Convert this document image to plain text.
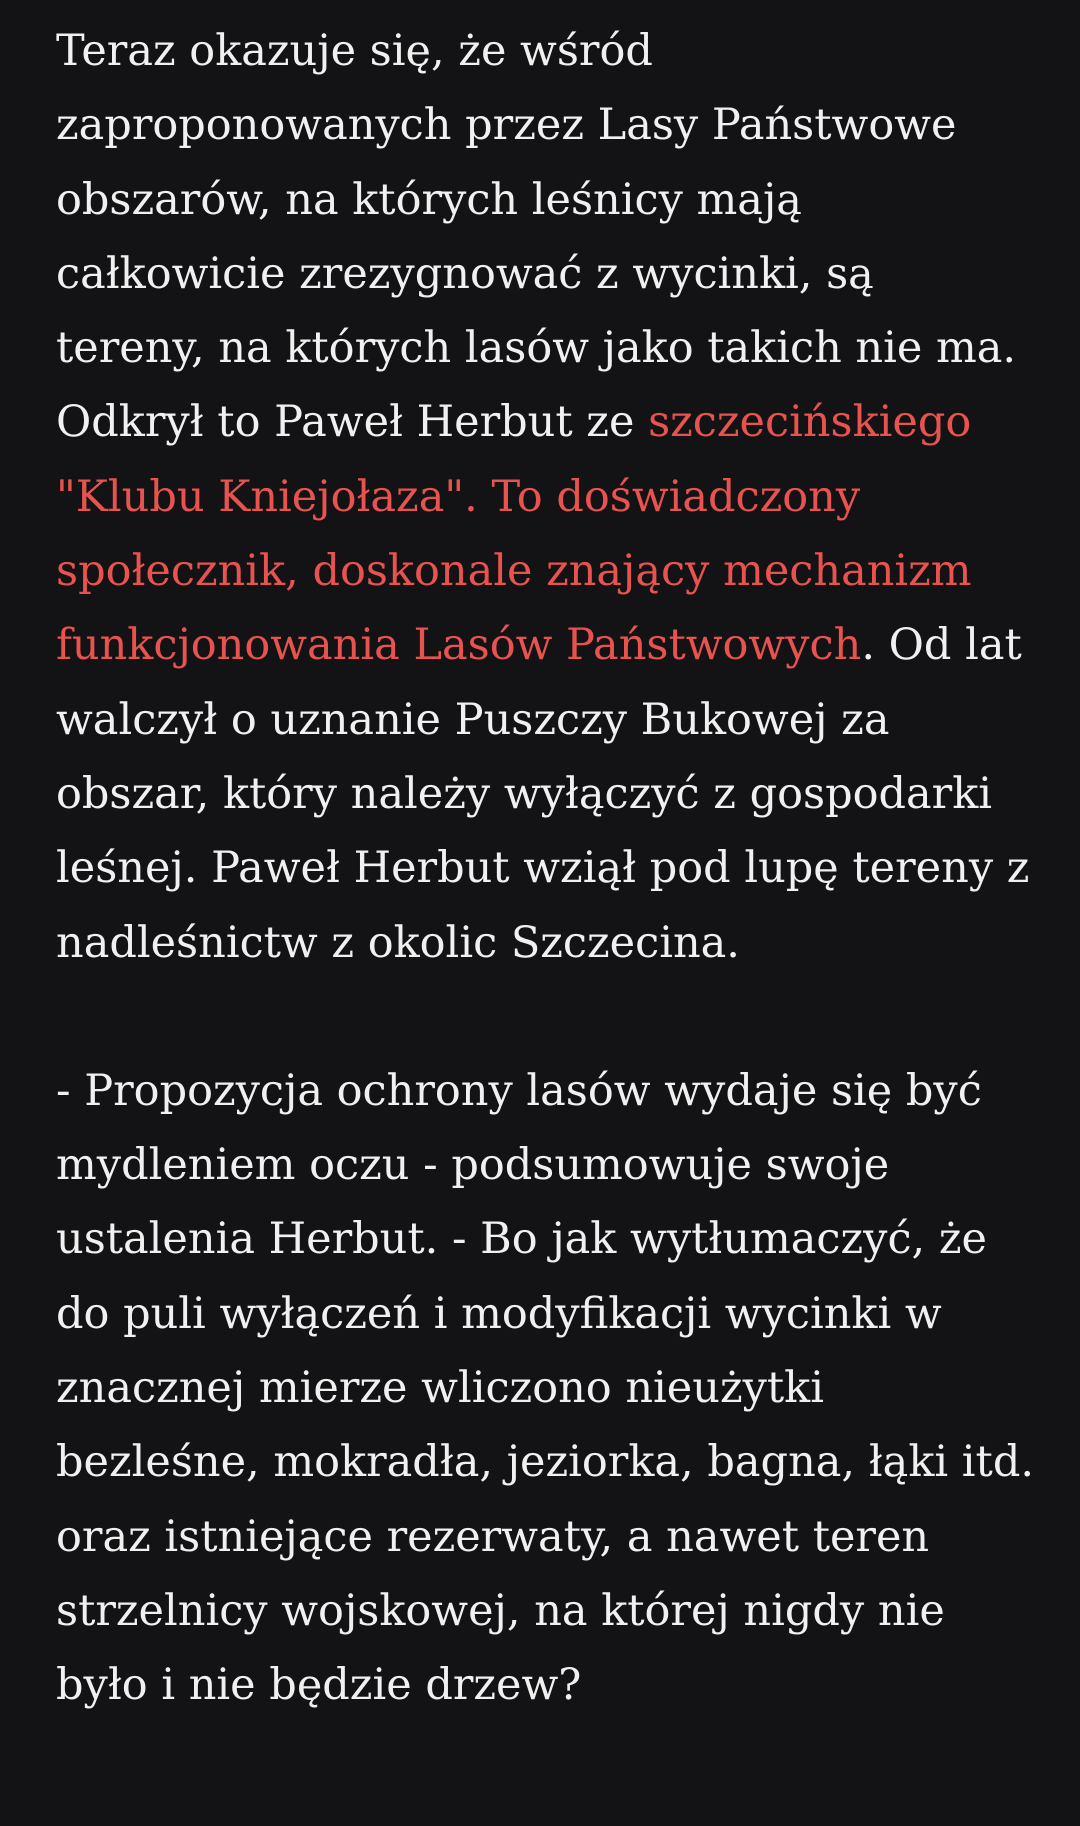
Teraz okazuje się, że wśród zaproponowanych przez Lasy Państwowe obszarów, na których leśnicy mają całkowicie zrezygnować z wycinki, są tereny, na których lasów jako takich nie ma. Odkrył to Paweł Herbut ze szczecińskiego "Klubu Kniejołaza". To doświadczony społecznik, doskonale znający mechanizm funkcjonowania Lasów Państwowych. Od lat walczył o uznanie Puszczy Bukowej za obszar, który należy wyłączyć z gospodarki leśnej. Paweł Herbut wziął pod lupę tereny z nadleśnictw z okolic Szczecina.

- Propozycja ochrony lasów wydaje się być mydleniem oczu - podsumowuje swoje ustalenia Herbut. - Bo jak wytłumaczyć, że do puli wyłączeń i modyfikacji wycinki w znacznej mierze wliczono nieużytki bezleśne, mokradła, jeziorka, bagna, łąki itd. oraz istniejące rezerwaty, a nawet teren strzelnicy wojskowej, na której nigdy nie było i nie będzie drzew?
